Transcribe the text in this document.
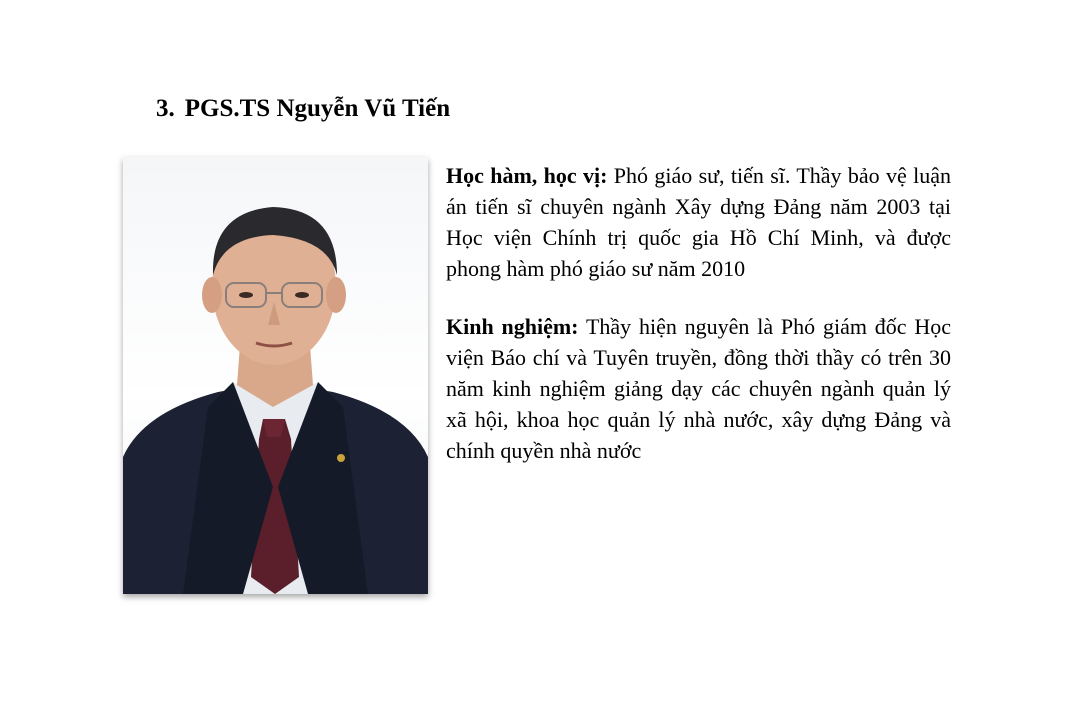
3. PGS.TS Nguyễn Vũ Tiến

Học hàm, học vị: Phó giáo sư, tiến sĩ. Thầy bảo vệ luận án tiến sĩ chuyên ngành Xây dựng Đảng năm 2003 tại Học viện Chính trị quốc gia Hồ Chí Minh, và được phong hàm phó giáo sư năm 2010

Kinh nghiệm: Thầy hiện nguyên là Phó giám đốc Học viện Báo chí và Tuyên truyền, đồng thời thầy có trên 30 năm kinh nghiệm giảng dạy các chuyên ngành quản lý xã hội, khoa học quản lý nhà nước, xây dựng Đảng và chính quyền nhà nước
